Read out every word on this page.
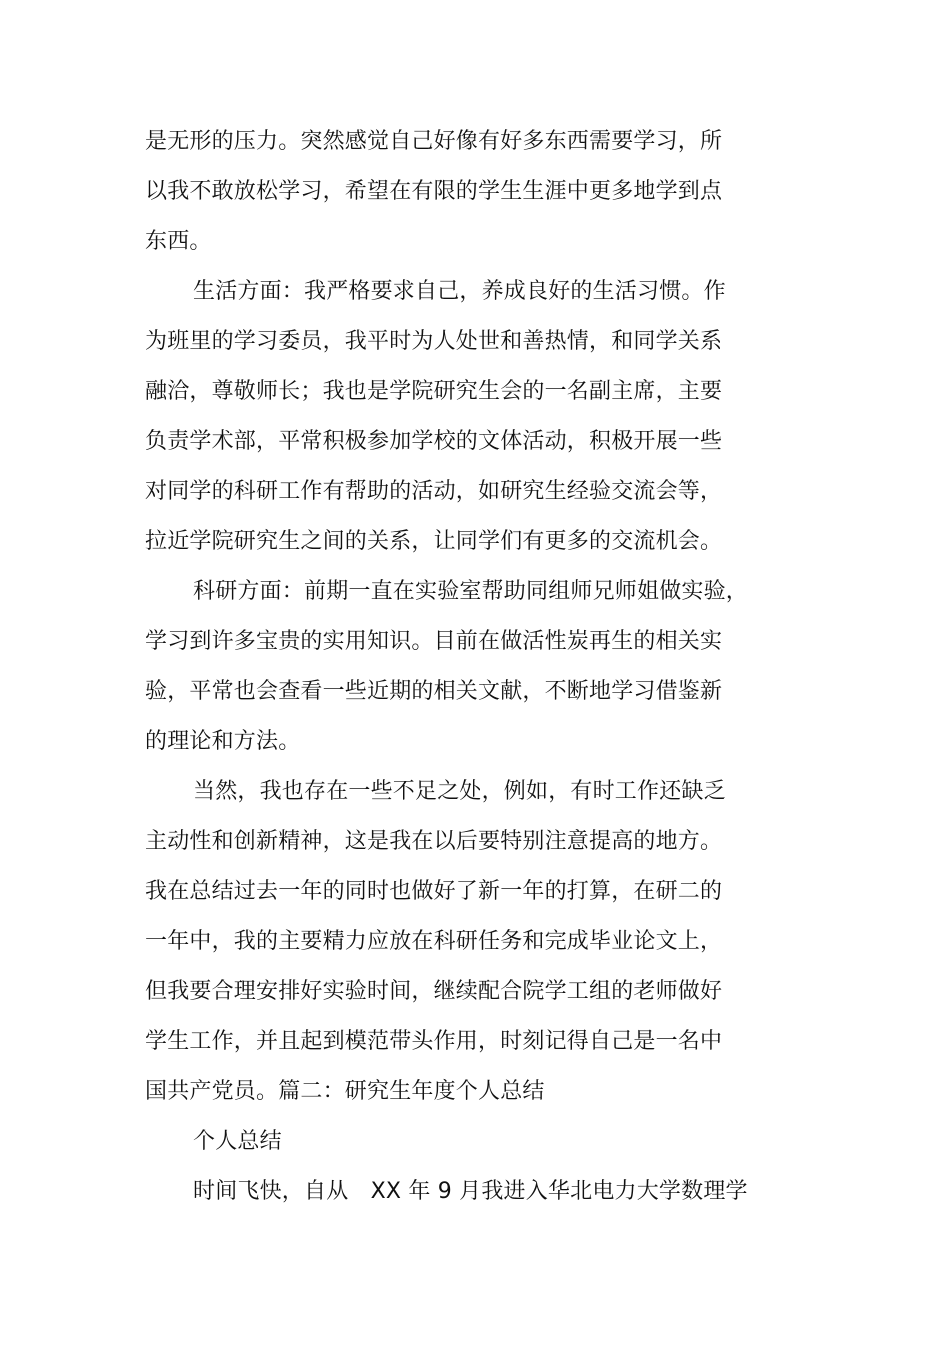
是无形的压力。突然感觉自己好像有好多东西需要学习，所
以我不敢放松学习，希望在有限的学生生涯中更多地学到点
东西。
生活方面：我严格要求自己，养成良好的生活习惯。作
为班里的学习委员，我平时为人处世和善热情，和同学关系
融洽，尊敬师长；我也是学院研究生会的一名副主席，主要
负责学术部，平常积极参加学校的文体活动，积极开展一些
对同学的科研工作有帮助的活动，如研究生经验交流会等，
拉近学院研究生之间的关系，让同学们有更多的交流机会。
科研方面：前期一直在实验室帮助同组师兄师姐做实验，
学习到许多宝贵的实用知识。目前在做活性炭再生的相关实
验，平常也会查看一些近期的相关文献，不断地学习借鉴新
的理论和方法。
当然，我也存在一些不足之处，例如，有时工作还缺乏
主动性和创新精神，这是我在以后要特别注意提高的地方。
我在总结过去一年的同时也做好了新一年的打算，在研二的
一年中，我的主要精力应放在科研任务和完成毕业论文上，
但我要合理安排好实验时间，继续配合院学工组的老师做好
学生工作，并且起到模范带头作用，时刻记得自己是一名中
国共产党员。篇二：研究生年度个人总结
个人总结
时间飞快，自从　XX 年 9 月我进入华北电力大学数理学
